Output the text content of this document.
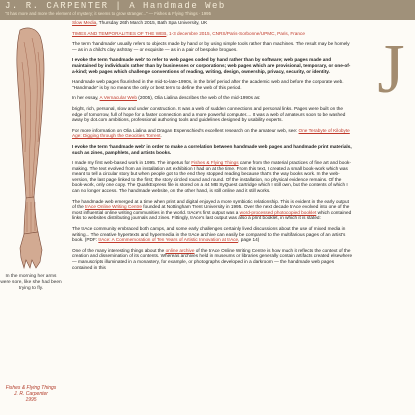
J. R. CARPENTER | A Handmade Web
"It has more and more the element of mystery; it seems to grow stranger..." — Fishes & Flying Things · 1995
In the morning her arms were sore, like she had been trying to fly.
Fishes & Flying Things
J. R. Carpenter
1995
J

Slow Media, Thursday 26th March 2015, Bath Spa University, UK

TIMES AND TEMPORALITIES OF THE WEB, 1-3 decembre 2015, CNRS/Paris-Sorbonne/UPMC, Paris, France

The term 'handmade' usually refers to objects made by hand or by using simple tools rather than machines. The result may be homely — as in a child's clay ashtray — or exquisite — as in a pair of bespoke brogues.

I evoke the term 'handmade web' to refer to web pages coded by hand rather than by software; web pages made and maintained by individuals rather than by businesses or corporations; web pages which are provisional, temporary, or one-of-a-kind; web pages which challenge conventions of reading, writing, design, ownership, privacy, security, or identity.

Handmade web pages flourished in the mid-to-late-1990s, in the brief period after the academic web and before the corporate web. "Handmade" is by no means the only or best term to define the web of this period.

In her essay, A Vernacular Web (2005), Olia Lialina describes the web of the mid-1990s as:

bright, rich, personal, slow and under construction. It was a web of sudden connections and personal links. Pages were built on the edge of tomorrow, full of hope for a faster connection and a more powerful computer.... It was a web of amateurs soon to be washed away by dot.com ambitions, professional authoring tools and guidelines designed by usability experts.

For more information on Olia Lialina and Dragan Espenschied's excellent research on the amateur web, see: One Terabyte of Kilobyte Age: Digging through the Geocities Torrent.

I evoke the term 'handmade web' in order to make a correlation between handmade web pages and handmade print materials, such as zines, pamphlets, and artists books.

I made my first web-based work in 1995. The impetus for Fishes & Flying Things came from the material practices of fine art and book-making. The text evolved from an installation art exhibition I had on at the time. From this text, I created a small book-work which was meant to tell a circular story but when people got to the end they stopped reading because that's the way books work. In the web-version, the last page linked to the first; the story circled round and round. Of the installation, no physical evidence remains. Of the book-work, only one copy. The QuarkExpress file is stored on a 44 MB SyQuest cartridge which I still own, but the contents of which I can no longer access. The handmade website, on the other hand, is still online and it still works.

The handmade web emerged at a time when print and digital enjoyed a more symbiotic relationship. This is evident in the early output of the trAce Online Writing Centre founded at Nottingham Trent University in 1995. Over the next decade trAce evolved into one of the most influential online writing communities in the world. trAce's first output was a word-processed photocopied booklet which contained links to websites distributing journals and zines. Fittingly, trAce's last output was also a print booklet, in which it is stated:

The trAce community embraced both camps, and some early challenges certainly lived discussions about the use of mixed media in writing... The creative hypertexts and hypermedia in the trAce archive can easily be compared to the multifarious pages of an artist's book. (PDF: trAce: A Commemoration of Ten Years of Artistic Innovation at trAce, page 14)

One of the many interesting things about the online archive of the trAce Online Writing Centre is how much it reflects the context of the creation and dissemination of its contents. Whereas archives held in museums or libraries generally contain artifacts created elsewhere — manuscripts illuminated in a monastery, for example, or photographs developed in a darkroom — the handmade web pages contained in this
